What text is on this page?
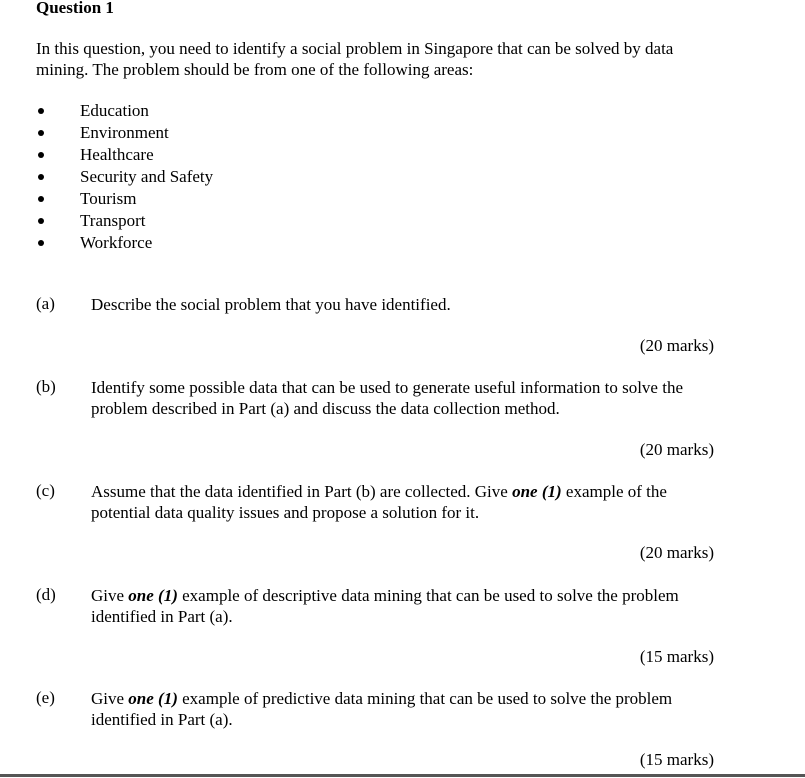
Question 1
In this question, you need to identify a social problem in Singapore that can be solved by data mining. The problem should be from one of the following areas:
Education
Environment
Healthcare
Security and Safety
Tourism
Transport
Workforce
(a) Describe the social problem that you have identified.
(20 marks)
(b) Identify some possible data that can be used to generate useful information to solve the problem described in Part (a) and discuss the data collection method.
(20 marks)
(c) Assume that the data identified in Part (b) are collected. Give one (1) example of the potential data quality issues and propose a solution for it.
(20 marks)
(d) Give one (1) example of descriptive data mining that can be used to solve the problem identified in Part (a).
(15 marks)
(e) Give one (1) example of predictive data mining that can be used to solve the problem identified in Part (a).
(15 marks)
